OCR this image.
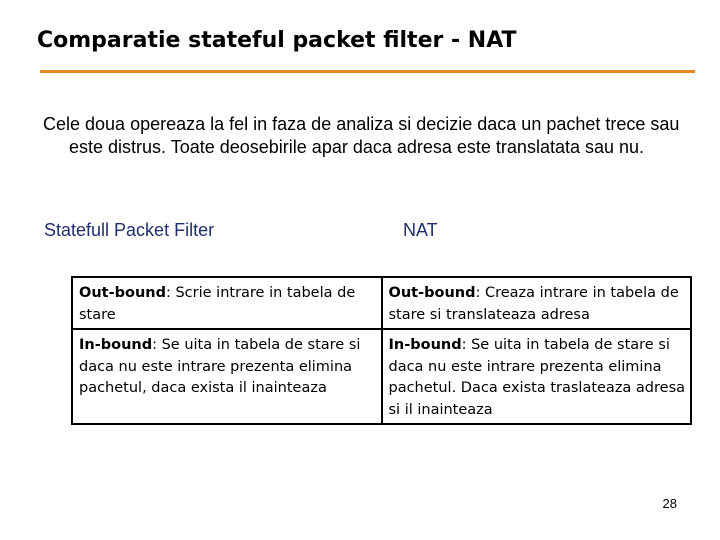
Comparatie stateful packet filter - NAT
Cele doua opereaza la fel in faza de analiza si decizie daca un pachet trece sau este distrus. Toate deosebirile apar daca adresa este translatata sau nu.
Statefull Packet Filter	NAT
Out-bound: Scrie intrare in tabela de stare	Out-bound: Creaza intrare in tabela de stare si translateaza adresa
In-bound: Se uita in tabela de stare si daca nu este intrare prezenta elimina pachetul, daca exista il inainteaza	In-bound: Se uita in tabela de stare si daca nu este intrare prezenta elimina pachetul. Daca exista traslateaza adresa si il inainteaza
28
